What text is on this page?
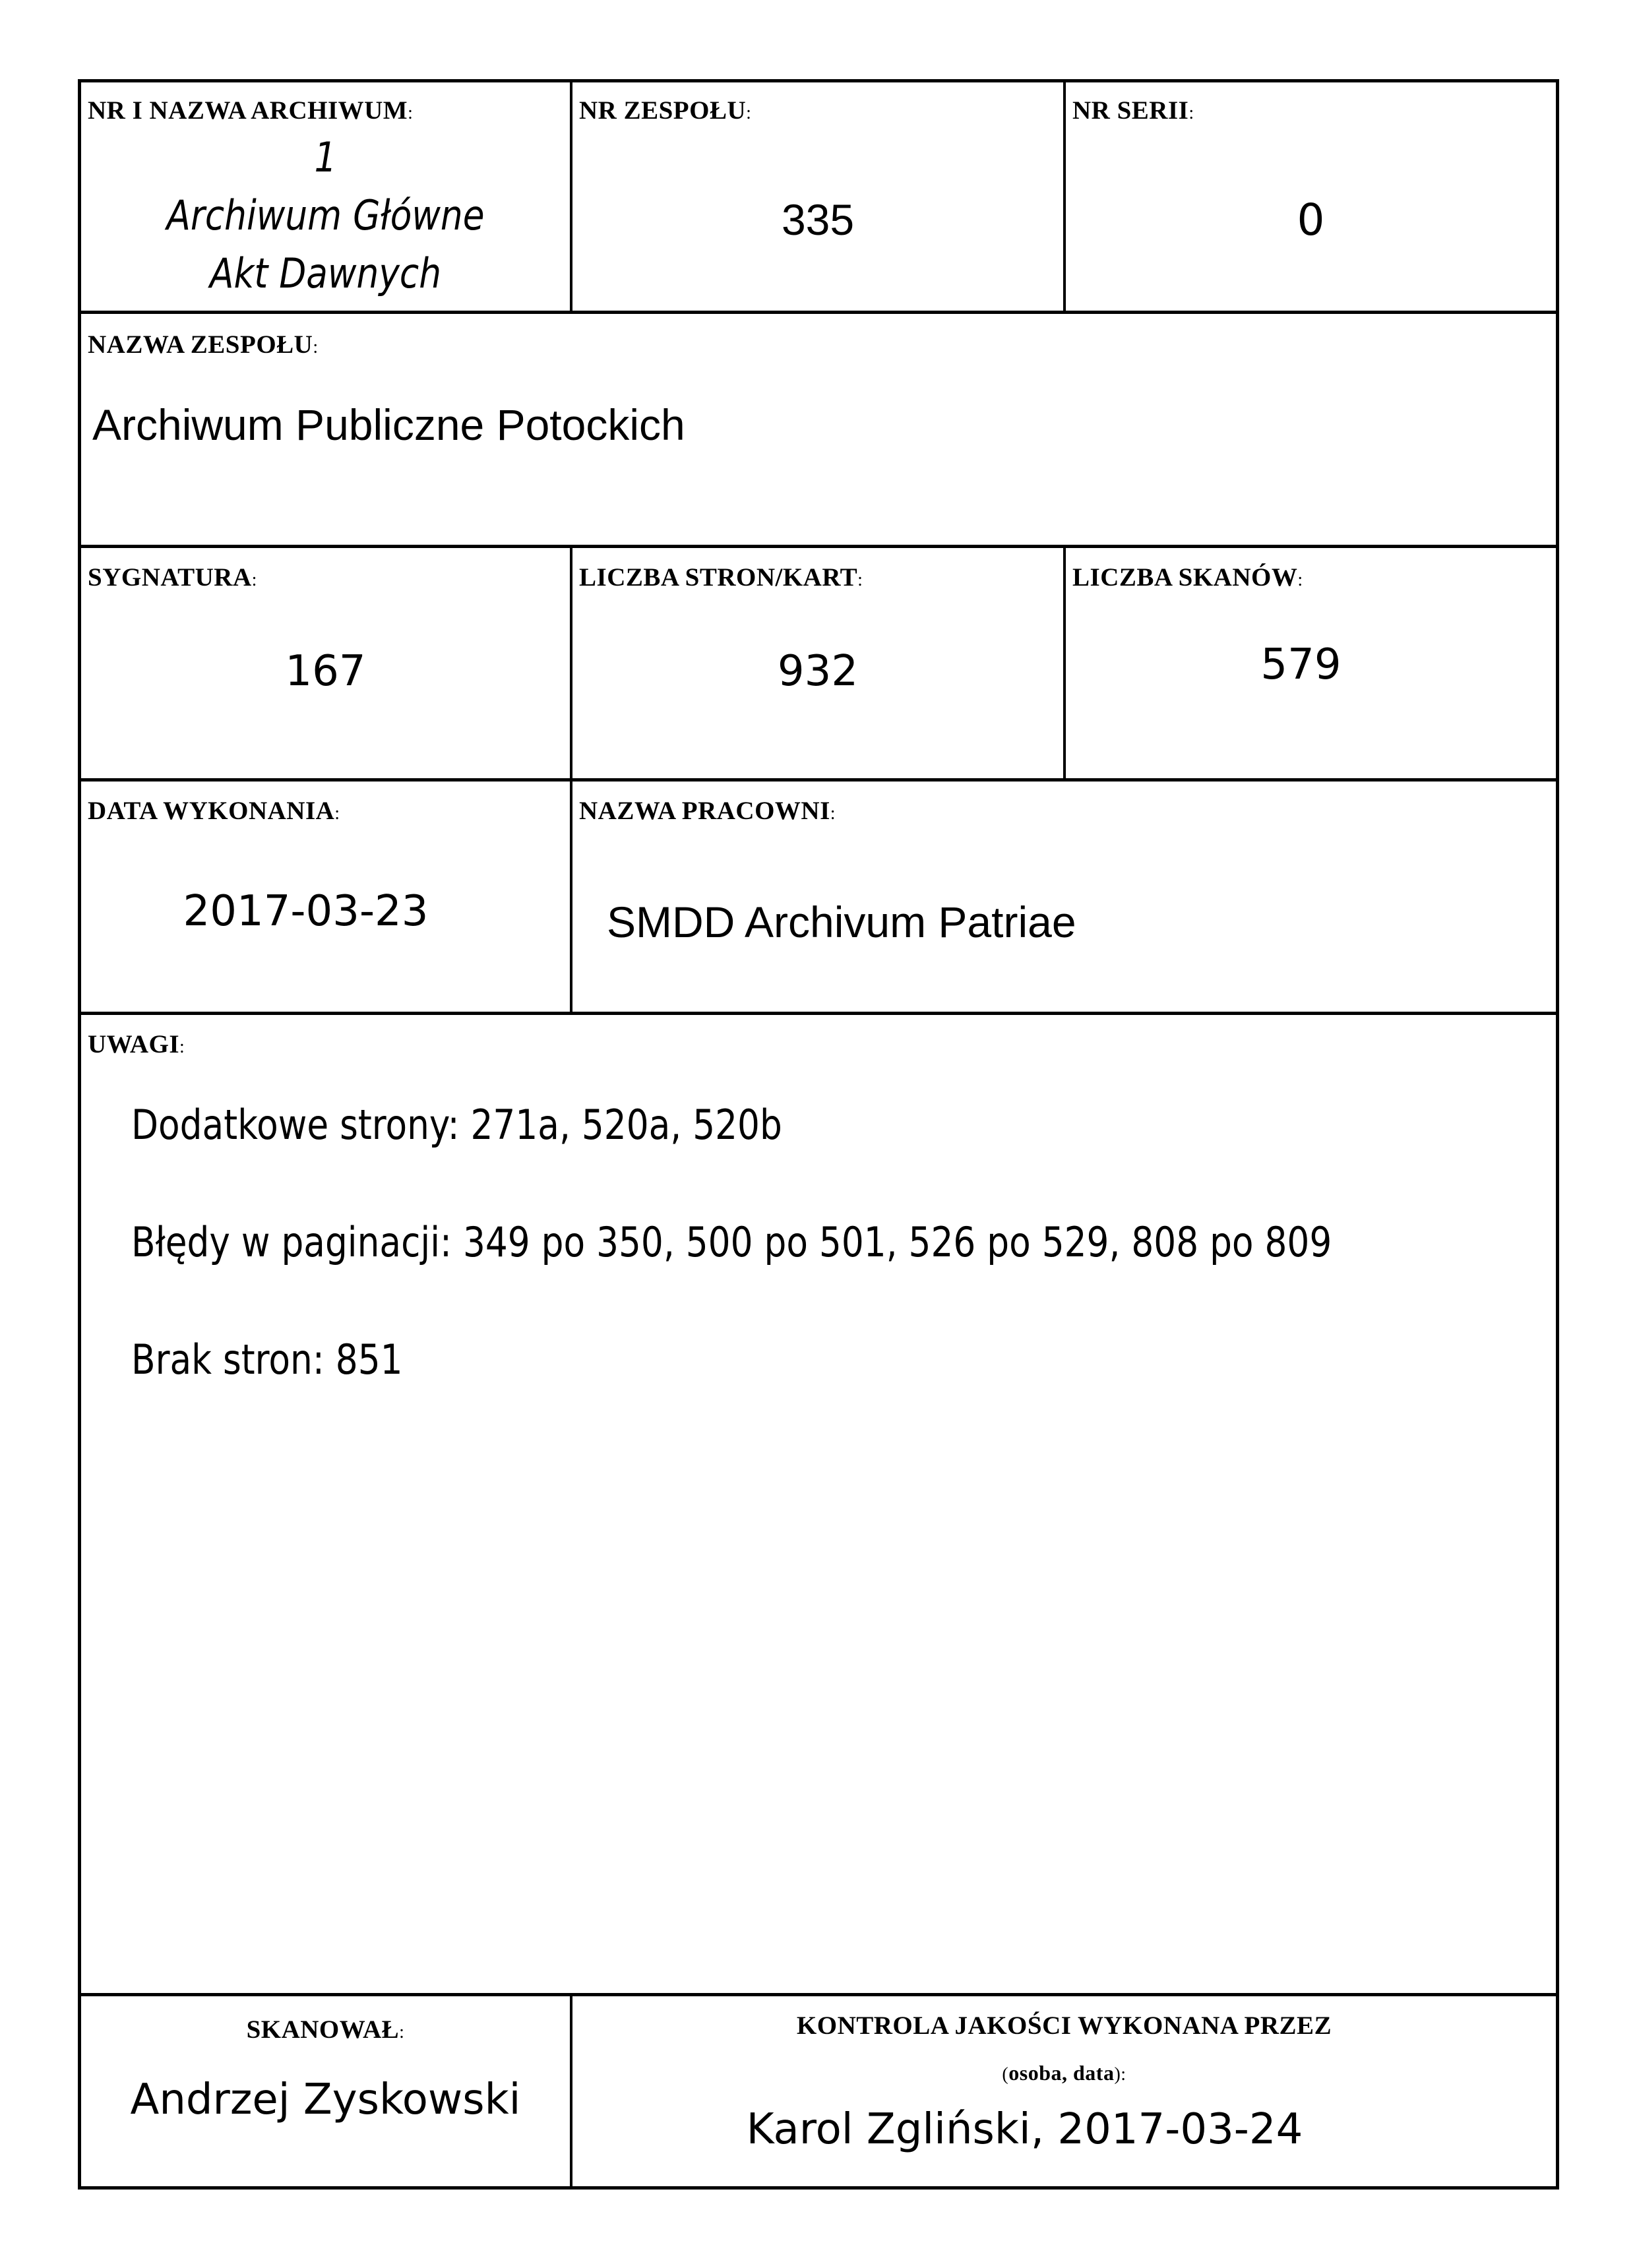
NR I NAZWA ARCHIWUM:
1
Archiwum Główne
Akt Dawnych
NR ZESPOŁU:
335
NR SERII:
0
NAZWA ZESPOŁU:
Archiwum Publiczne Potockich
SYGNATURA:
167
LICZBA STRON/KART:
932
LICZBA SKANÓW:
579
DATA WYKONANIA:
2017-03-23
NAZWA PRACOWNI:
SMDD Archivum Patriae
UWAGI:
Dodatkowe strony: 271a, 520a, 520b
Błędy w paginacji: 349 po 350, 500 po 501, 526 po 529, 808 po 809
Brak stron: 851
SKANOWAŁ:
Andrzej Zyskowski
KONTROLA JAKOŚCI WYKONANA PRZEZ
(osoba, data):
Karol Zgliński, 2017-03-24
